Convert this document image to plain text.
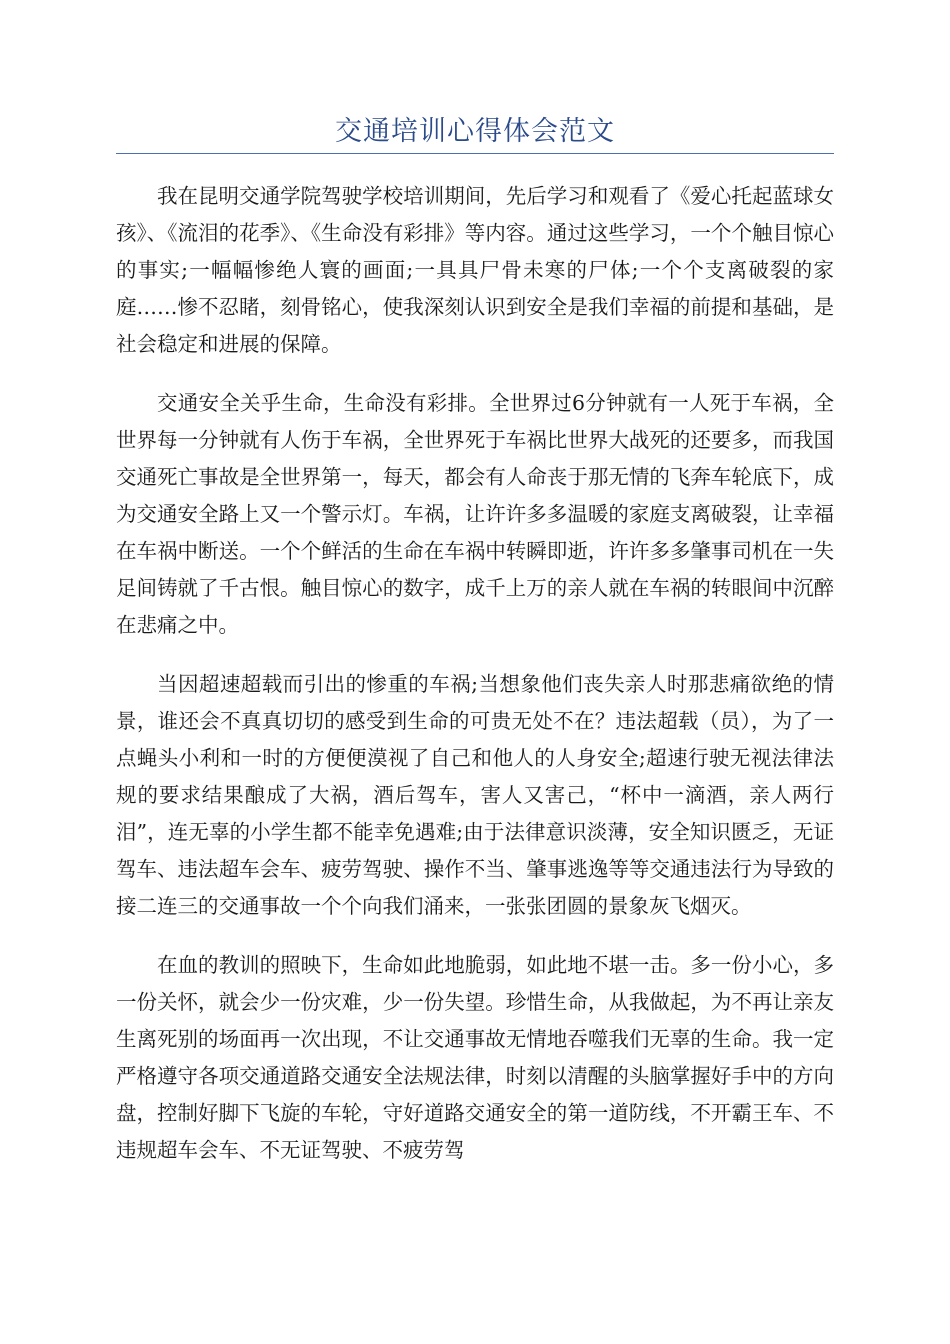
交通培训心得体会范文

我在昆明交通学院驾驶学校培训期间，先后学习和观看了《爱心托起蓝球女孩》、《流泪的花季》、《生命没有彩排》等内容。通过这些学习，一个个触目惊心的事实;一幅幅惨绝人寰的画面;一具具尸骨未寒的尸体;一个个支离破裂的家庭……惨不忍睹，刻骨铭心，使我深刻认识到安全是我们幸福的前提和基础，是社会稳定和进展的保障。

交通安全关乎生命，生命没有彩排。全世界过6分钟就有一人死于车祸，全世界每一分钟就有人伤于车祸，全世界死于车祸比世界大战死的还要多，而我国交通死亡事故是全世界第一，每天，都会有人命丧于那无情的飞奔车轮底下，成为交通安全路上又一个警示灯。车祸，让许许多多温暖的家庭支离破裂，让幸福在车祸中断送。一个个鲜活的生命在车祸中转瞬即逝，许许多多肇事司机在一失足间铸就了千古恨。触目惊心的数字，成千上万的亲人就在车祸的转眼间中沉醉在悲痛之中。

当因超速超载而引出的惨重的车祸;当想象他们丧失亲人时那悲痛欲绝的情景，谁还会不真真切切的感受到生命的可贵无处不在？违法超载（员），为了一点蝇头小利和一时的方便便漠视了自己和他人的人身安全;超速行驶无视法律法规的要求结果酿成了大祸，酒后驾车，害人又害己，“杯中一滴酒，亲人两行泪”，连无辜的小学生都不能幸免遇难;由于法律意识淡薄，安全知识匮乏，无证驾车、违法超车会车、疲劳驾驶、操作不当、肇事逃逸等等交通违法行为导致的接二连三的交通事故一个个向我们涌来，一张张团圆的景象灰飞烟灭。

在血的教训的照映下，生命如此地脆弱，如此地不堪一击。多一份小心，多一份关怀，就会少一份灾难，少一份失望。珍惜生命，从我做起，为不再让亲友生离死别的场面再一次出现，不让交通事故无情地吞噬我们无辜的生命。我一定严格遵守各项交通道路交通安全法规法律，时刻以清醒的头脑掌握好手中的方向盘，控制好脚下飞旋的车轮，守好道路交通安全的第一道防线，不开霸王车、不违规超车会车、不无证驾驶、不疲劳驾
